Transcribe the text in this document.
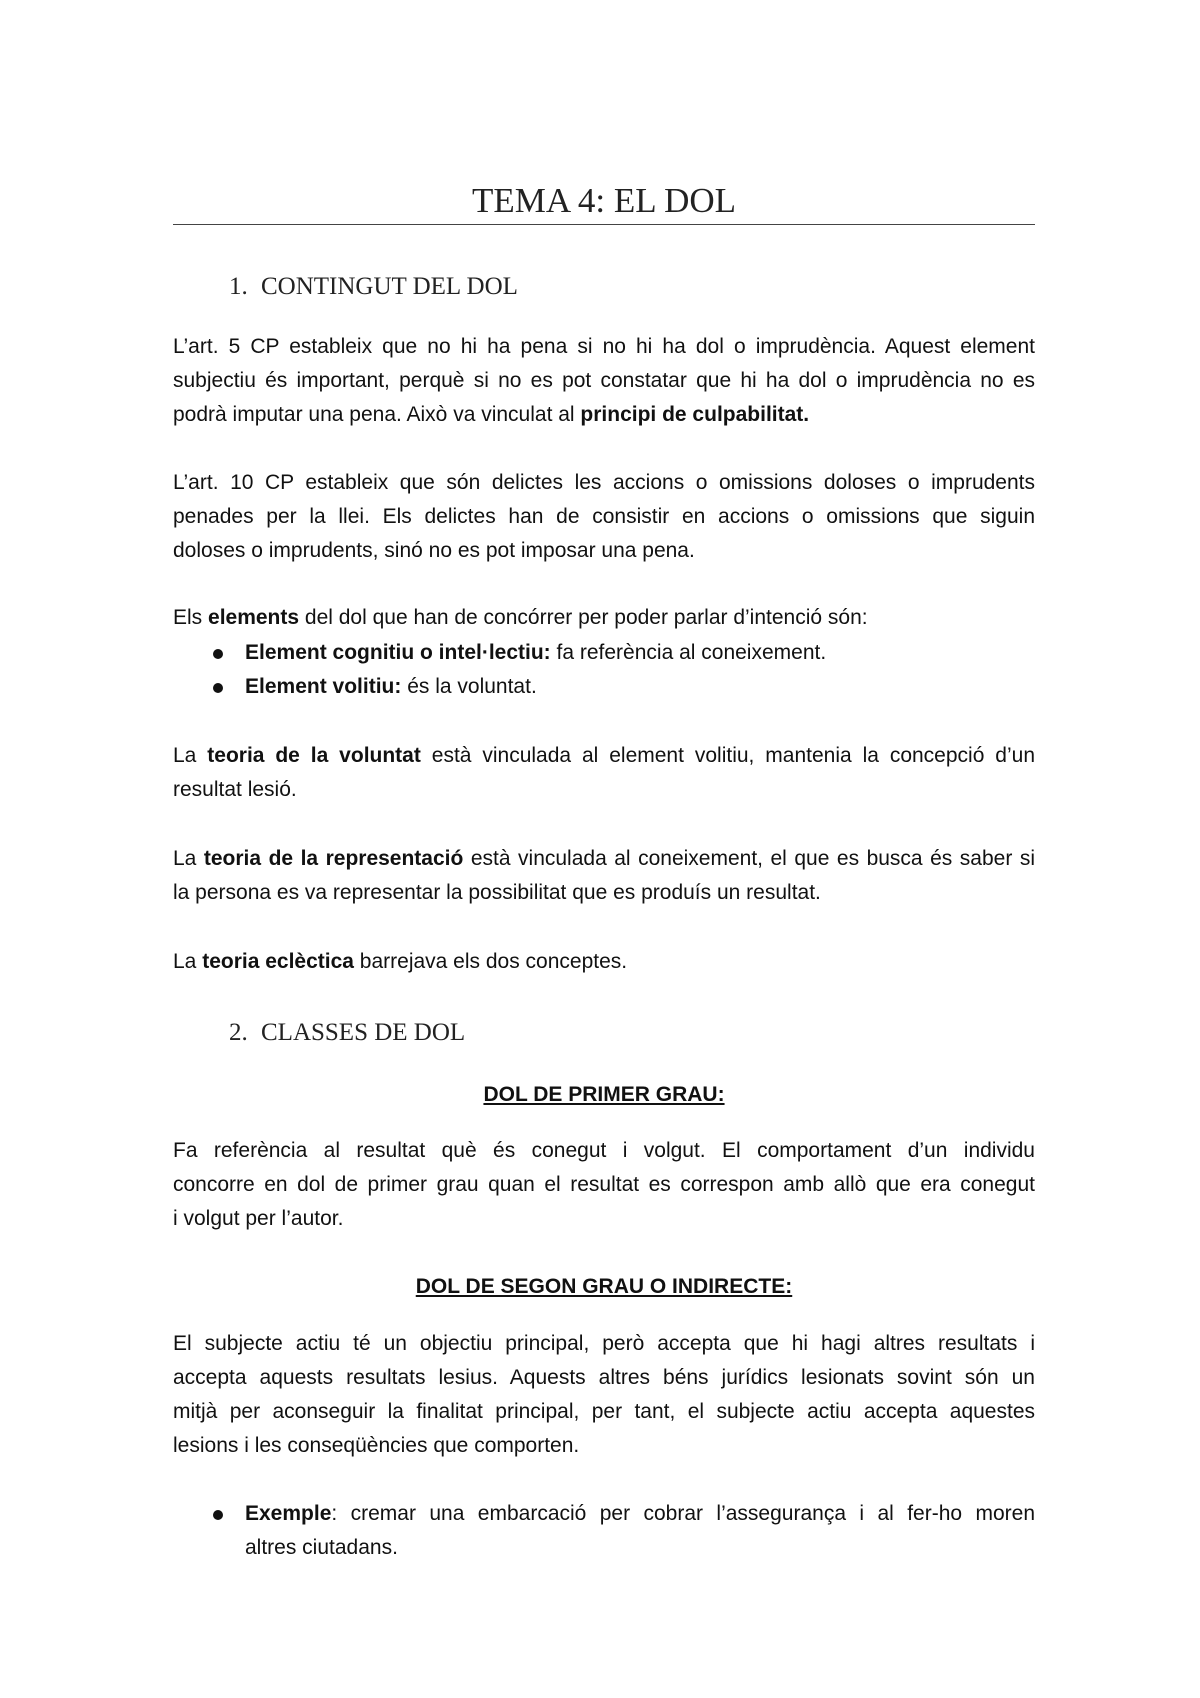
TEMA 4: EL DOL
1. CONTINGUT DEL DOL
L’art. 5 CP estableix que no hi ha pena si no hi ha dol o imprudència. Aquest element
subjectiu és important, perquè si no es pot constatar que hi ha dol o imprudència no es
podrà imputar una pena. Això va vinculat al principi de culpabilitat.
L’art. 10 CP estableix que són delictes les accions o omissions doloses o imprudents
penades per la llei. Els delictes han de consistir en accions o omissions que siguin
doloses o imprudents, sinó no es pot imposar una pena.
Els elements del dol que han de concórrer per poder parlar d’intenció són:
Element cognitiu o intel·lectiu: fa referència al coneixement.
Element volitiu: és la voluntat.
La teoria de la voluntat està vinculada al element volitiu, mantenia la concepció d’un
resultat lesió.
La teoria de la representació està vinculada al coneixement, el que es busca és saber si
la persona es va representar la possibilitat que es produís un resultat.
La teoria eclèctica barrejava els dos conceptes.
2. CLASSES DE DOL
DOL DE PRIMER GRAU:
Fa referència al resultat què és conegut i volgut. El comportament d’un individu
concorre en dol de primer grau quan el resultat es correspon amb allò que era conegut
i volgut per l’autor.
DOL DE SEGON GRAU O INDIRECTE:
El subjecte actiu té un objectiu principal, però accepta que hi hagi altres resultats i
accepta aquests resultats lesius. Aquests altres béns jurídics lesionats sovint són un
mitjà per aconseguir la finalitat principal, per tant, el subjecte actiu accepta aquestes
lesions i les conseqüències que comporten.
Exemple: cremar una embarcació per cobrar l’assegurança i al fer-ho moren
altres ciutadans.
